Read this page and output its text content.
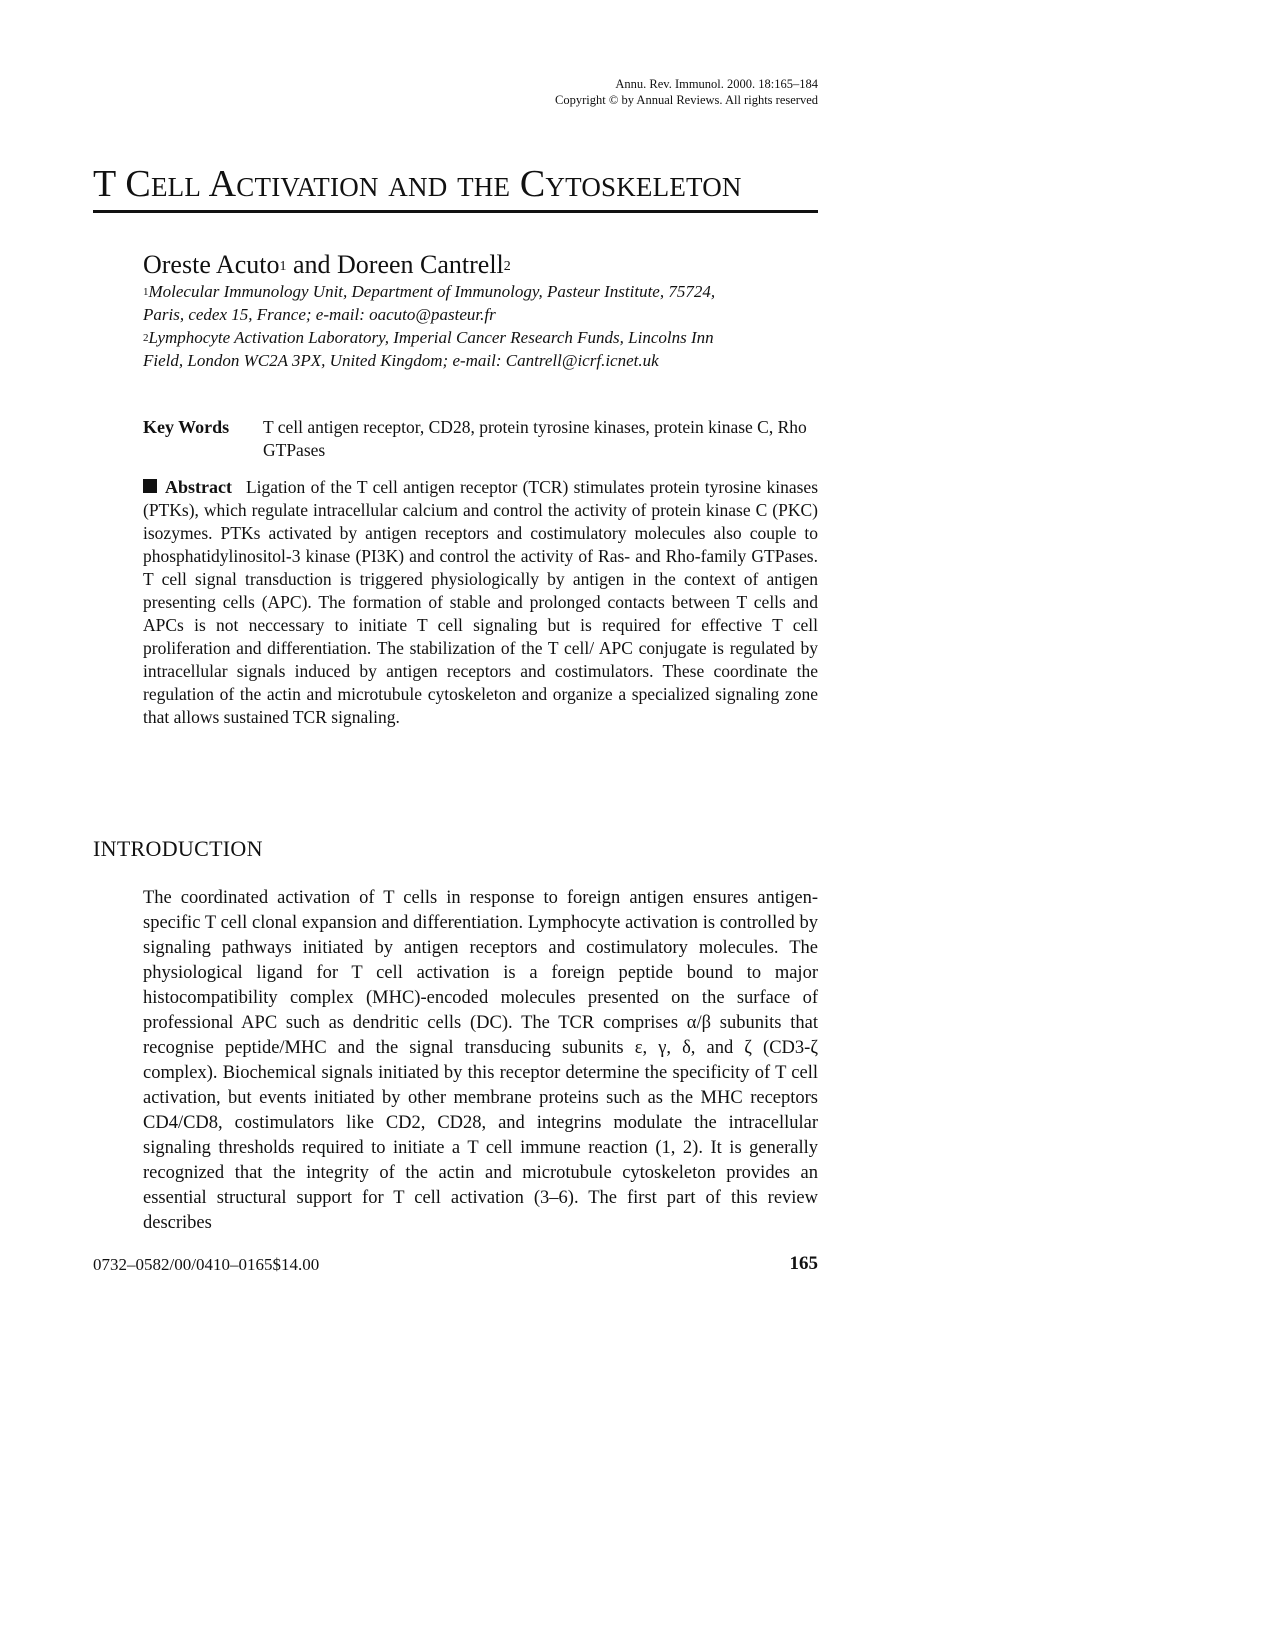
Annu. Rev. Immunol. 2000. 18:165–184
Copyright © by Annual Reviews. All rights reserved
T Cell Activation and the Cytoskeleton
Oreste Acuto$^1$ and Doreen Cantrell$^2$
$^1$Molecular Immunology Unit, Department of Immunology, Pasteur Institute, 75724,
Paris, cedex 15, France; e-mail: oacuto@pasteur.fr
$^2$Lymphocyte Activation Laboratory, Imperial Cancer Research Funds, Lincolns Inn
Field, London WC2A 3PX, United Kingdom; e-mail: Cantrell@icrf.icnet.uk
Key Words T cell antigen receptor, CD28, protein tyrosine kinases, protein kinase C, Rho GTPases
Abstract Ligation of the T cell antigen receptor (TCR) stimulates protein tyrosine kinases (PTKs), which regulate intracellular calcium and control the activity of protein kinase C (PKC) isozymes. PTKs activated by antigen receptors and costimulatory molecules also couple to phosphatidylinositol-3 kinase (PI3K) and control the activity of Ras- and Rho-family GTPases. T cell signal transduction is triggered physiologically by antigen in the context of antigen presenting cells (APC). The formation of stable and prolonged contacts between T cells and APCs is not neccessary to initiate T cell signaling but is required for effective T cell proliferation and differentiation. The stabilization of the T cell/ APC conjugate is regulated by intracellular signals induced by antigen receptors and costimulators. These coordinate the regulation of the actin and microtubule cytoskeleton and organize a specialized signaling zone that allows sustained TCR signaling.
INTRODUCTION

The coordinated activation of T cells in response to foreign antigen ensures antigen-specific T cell clonal expansion and differentiation. Lymphocyte activation is controlled by signaling pathways initiated by antigen receptors and costimulatory molecules. The physiological ligand for T cell activation is a foreign peptide bound to major histocompatibility complex (MHC)-encoded molecules presented on the surface of professional APC such as dendritic cells (DC). The TCR comprises α/β subunits that recognise peptide/MHC and the signal transducing subunits ε, γ, δ, and ζ (CD3-ζ complex). Biochemical signals initiated by this receptor determine the specificity of T cell activation, but events initiated by other membrane proteins such as the MHC receptors CD4/CD8, costimulators like CD2, CD28, and integrins modulate the intracellular signaling thresholds required to initiate a T cell immune reaction (1, 2). It is generally recognized that the integrity of the actin and microtubule cytoskeleton provides an essential structural support for T cell activation (3–6). The first part of this review describes

0732–0582/00/0410–0165$14.00	165
